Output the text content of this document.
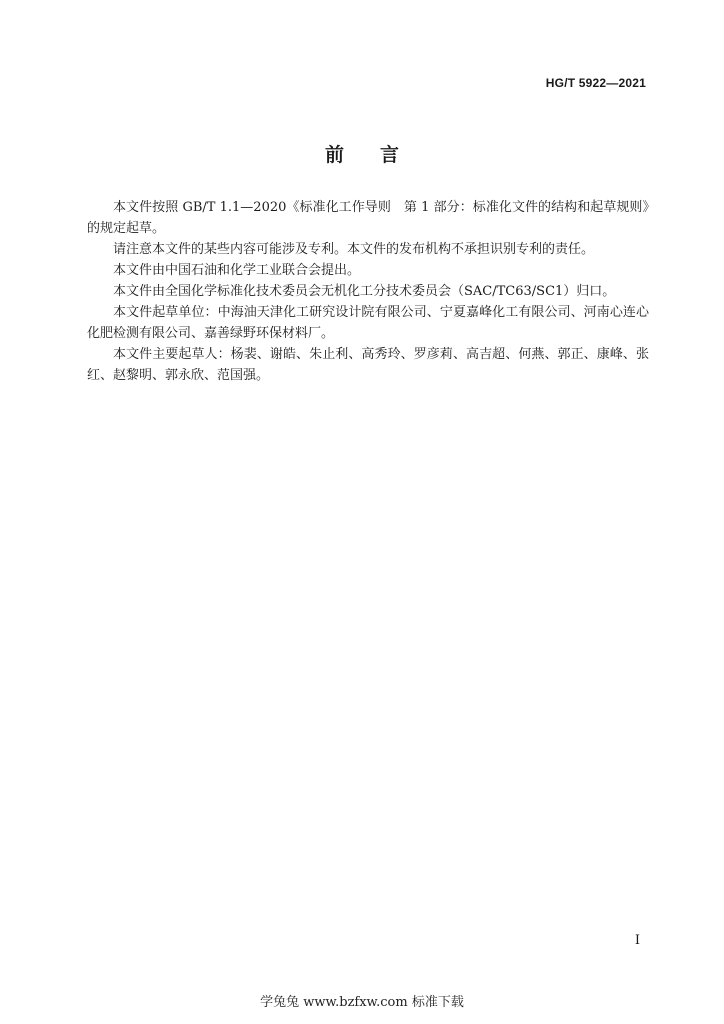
HG/T 5922—2021
前 言

本文件按照 GB/T 1.1—2020《标准化工作导则　第 1 部分：标准化文件的结构和起草规则》的规定起草。

请注意本文件的某些内容可能涉及专利。本文件的发布机构不承担识别专利的责任。

本文件由中国石油和化学工业联合会提出。

本文件由全国化学标准化技术委员会无机化工分技术委员会（SAC/TC63/SC1）归口。

本文件起草单位：中海油天津化工研究设计院有限公司、宁夏嘉峰化工有限公司、河南心连心化肥检测有限公司、嘉善绿野环保材料厂。

本文件主要起草人：杨裴、谢皓、朱止利、高秀玲、罗彦莉、高吉超、何燕、郭正、康峰、张红、赵黎明、郭永欣、范国强。

I
学兔兔 www.bzfxw.com 标准下载
